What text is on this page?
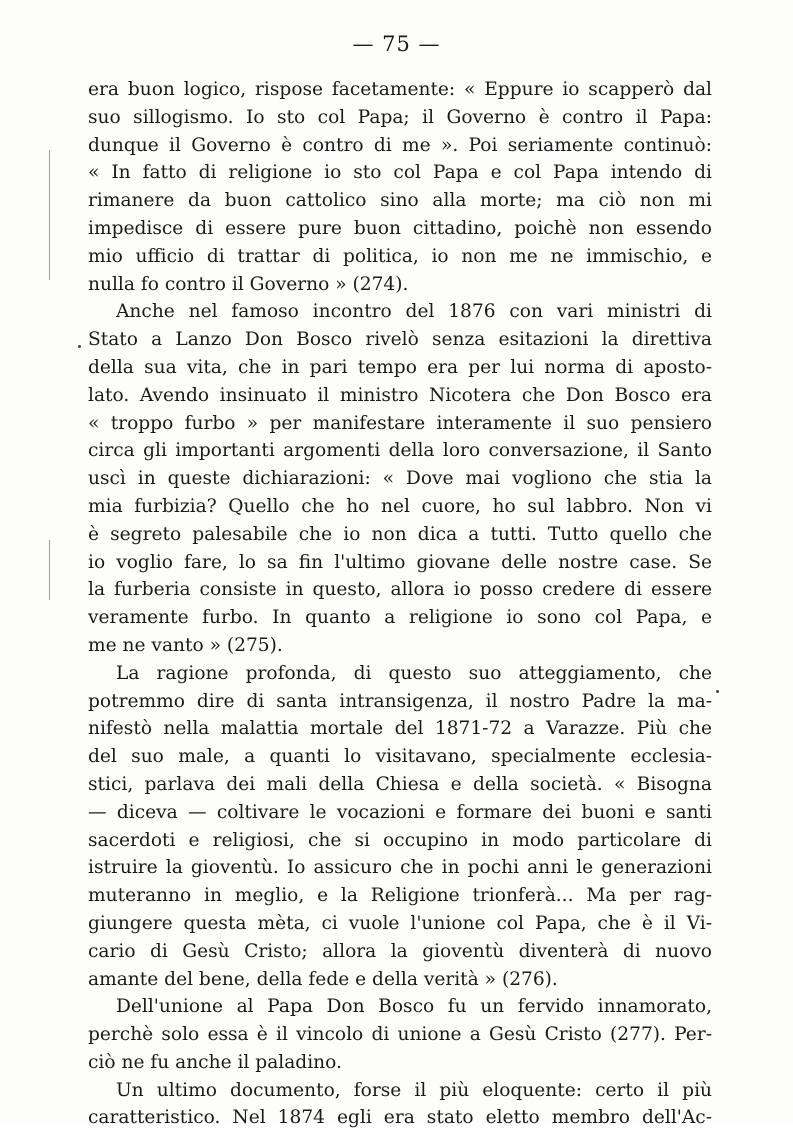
— 75 —
era buon logico, rispose facetamente: « Eppure io scapperò dal
suo sillogismo. Io sto col Papa; il Governo è contro il Papa:
dunque il Governo è contro di me ». Poi seriamente continuò:
« In fatto di religione io sto col Papa e col Papa intendo di
rimanere da buon cattolico sino alla morte; ma ciò non mi
impedisce di essere pure buon cittadino, poichè non essendo
mio ufficio di trattar di politica, io non me ne immischio, e
nulla fo contro il Governo » (274).
Anche nel famoso incontro del 1876 con vari ministri di
Stato a Lanzo Don Bosco rivelò senza esitazioni la direttiva
della sua vita, che in pari tempo era per lui norma di aposto-
lato. Avendo insinuato il ministro Nicotera che Don Bosco era
« troppo furbo » per manifestare interamente il suo pensiero
circa gli importanti argomenti della loro conversazione, il Santo
uscì in queste dichiarazioni: « Dove mai vogliono che stia la
mia furbizia? Quello che ho nel cuore, ho sul labbro. Non vi
è segreto palesabile che io non dica a tutti. Tutto quello che
io voglio fare, lo sa fin l'ultimo giovane delle nostre case. Se
la furberia consiste in questo, allora io posso credere di essere
veramente furbo. In quanto a religione io sono col Papa, e
me ne vanto » (275).
La ragione profonda, di questo suo atteggiamento, che
potremmo dire di santa intransigenza, il nostro Padre la ma-
nifestò nella malattia mortale del 1871-72 a Varazze. Più che
del suo male, a quanti lo visitavano, specialmente ecclesia-
stici, parlava dei mali della Chiesa e della società. « Bisogna
— diceva — coltivare le vocazioni e formare dei buoni e santi
sacerdoti e religiosi, che si occupino in modo particolare di
istruire la gioventù. Io assicuro che in pochi anni le generazioni
muteranno in meglio, e la Religione trionferà... Ma per rag-
giungere questa mèta, ci vuole l'unione col Papa, che è il Vi-
cario di Gesù Cristo; allora la gioventù diventerà di nuovo
amante del bene, della fede e della verità » (276).
Dell'unione al Papa Don Bosco fu un fervido innamorato,
perchè solo essa è il vincolo di unione a Gesù Cristo (277). Per-
ciò ne fu anche il paladino.
Un ultimo documento, forse il più eloquente: certo il più
caratteristico. Nel 1874 egli era stato eletto membro dell'Ac-
